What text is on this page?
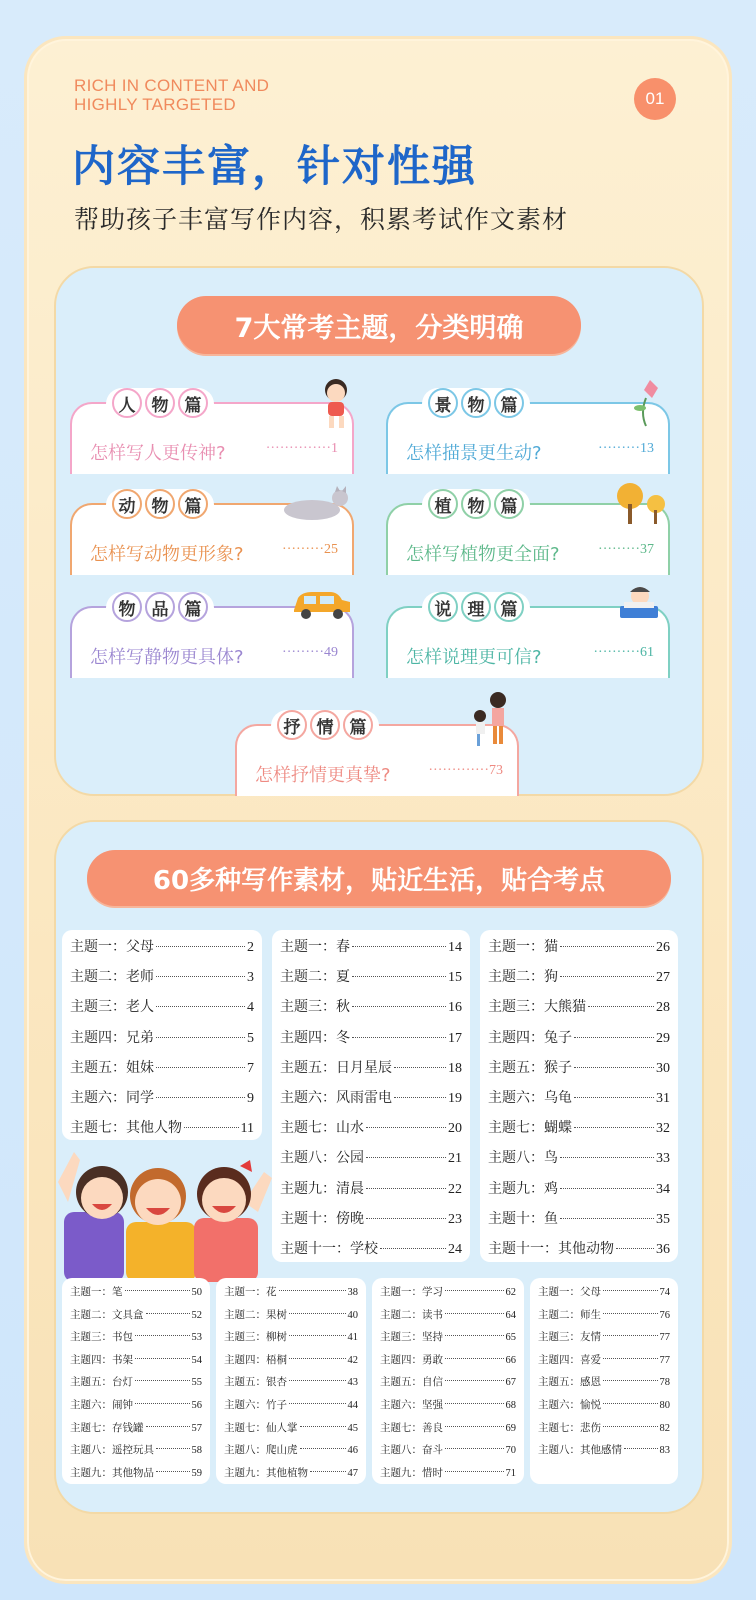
RICH IN CONTENT AND
HIGHLY TARGETED	01
内容丰富，针对性强
帮助孩子丰富写作内容，积累考试作文素材
7大常考主题，分类明确
人 物 篇
怎样写人更传神?	··············1
景 物 篇
怎样描景更生动?	·········13
动 物 篇
怎样写动物更形象?	·········25
植 物 篇
怎样写植物更全面?	·········37
物 品 篇
怎样写静物更具体?	·········49
说 理 篇
怎样说理更可信?	··········61
抒 情 篇
怎样抒情更真挚?	·············73
60多种写作素材，贴近生活，贴合考点
主题一：父母	2
主题二：老师	3
主题三：老人	4
主题四：兄弟	5
主题五：姐妹	7
主题六：同学	9
主题七：其他人物	11
主题一：春	14
主题二：夏	15
主题三：秋	16
主题四：冬	17
主题五：日月星辰	18
主题六：风雨雷电	19
主题七：山水	20
主题八：公园	21
主题九：清晨	22
主题十：傍晚	23
主题十一：学校	24
主题一：猫	26
主题二：狗	27
主题三：大熊猫	28
主题四：兔子	29
主题五：猴子	30
主题六：乌龟	31
主题七：蝴蝶	32
主题八：鸟	33
主题九：鸡	34
主题十：鱼	35
主题十一：其他动物	36
主题一：笔	50
主题二：文具盒	52
主题三：书包	53
主题四：书架	54
主题五：台灯	55
主题六：闹钟	56
主题七：存钱罐	57
主题八：遥控玩具	58
主题九：其他物品	59
主题一：花	38
主题二：果树	40
主题三：柳树	41
主题四：梧桐	42
主题五：银杏	43
主题六：竹子	44
主题七：仙人掌	45
主题八：爬山虎	46
主题九：其他植物	47
主题一：学习	62
主题二：读书	64
主题三：坚持	65
主题四：勇敢	66
主题五：自信	67
主题六：坚强	68
主题七：善良	69
主题八：奋斗	70
主题九：惜时	71
主题一：父母	74
主题二：师生	76
主题三：友情	77
主题四：喜爱	77
主题五：感恩	78
主题六：愉悦	80
主题七：悲伤	82
主题八：其他感情	83
